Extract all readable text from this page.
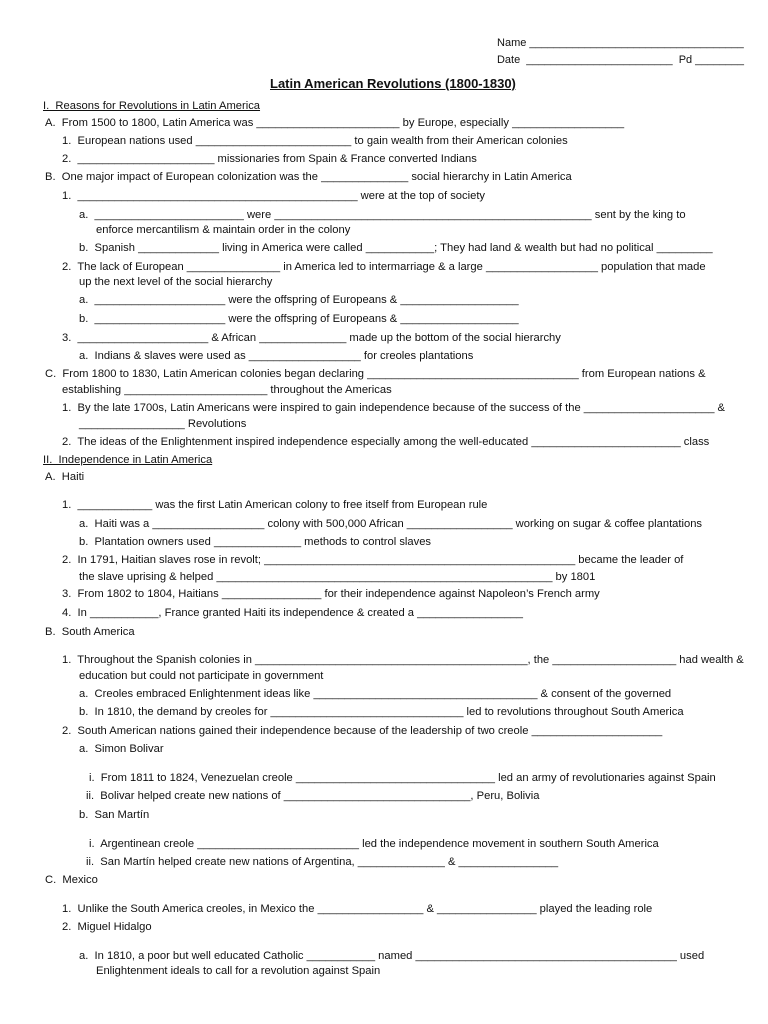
Name ___________________________________
Date  ________________________  Pd ________
Latin American Revolutions (1800-1830)
I.  Reasons for Revolutions in Latin America
A.  From 1500 to 1800, Latin America was _______________________ by Europe, especially __________________
1.  European nations used _________________________ to gain wealth from their American colonies
2.  ______________________ missionaries from Spain & France converted Indians
B.  One major impact of European colonization was the ______________ social hierarchy in Latin America
1.  _____________________________________________ were at the top of society
a.  ________________________ were ___________________________________________________ sent by the king to
enforce mercantilism & maintain order in the colony
b.  Spanish _____________ living in America were called ___________; They had land & wealth but had no political _________
2.  The lack of European _______________ in America led to intermarriage & a large __________________ population that made
up the next level of the social hierarchy
a.  _____________________ were the offspring of Europeans & ___________________
b.  _____________________ were the offspring of Europeans & ___________________
3.  _____________________ & African ______________ made up the bottom of the social hierarchy
a.  Indians & slaves were used as __________________ for creoles plantations
C.  From 1800 to 1830, Latin American colonies began declaring __________________________________ from European nations &
establishing _______________________ throughout the Americas
1.  By the late 1700s, Latin Americans were inspired to gain independence because of the success of the _____________________ &
_________________ Revolutions
2.  The ideas of the Enlightenment inspired independence especially among the well-educated ________________________ class
II.  Independence in Latin America
A.  Haiti
1.  ____________ was the first Latin American colony to free itself from European rule
a.  Haiti was a __________________ colony with 500,000 African _________________ working on sugar & coffee plantations
b.  Plantation owners used ______________ methods to control slaves
2.  In 1791, Haitian slaves rose in revolt; __________________________________________________ became the leader of
the slave uprising & helped ______________________________________________________ by 1801
3.  From 1802 to 1804, Haitians ________________ for their independence against Napoleon’s French army
4.  In ___________, France granted Haiti its independence & created a _________________
B.  South America
1.  Throughout the Spanish colonies in ____________________________________________, the ____________________ had wealth &
education but could not participate in government
a.  Creoles embraced Enlightenment ideas like ____________________________________ & consent of the governed
b.  In 1810, the demand by creoles for _______________________________ led to revolutions throughout South America
2.  South American nations gained their independence because of the leadership of two creole _____________________
a.  Simon Bolivar
i.  From 1811 to 1824, Venezuelan creole ________________________________ led an army of revolutionaries against Spain
ii.  Bolivar helped create new nations of ______________________________, Peru, Bolivia
b.  San Martín
i.  Argentinean creole __________________________ led the independence movement in southern South America
ii.  San Martín helped create new nations of Argentina, ______________ & ________________
C.  Mexico
1.  Unlike the South America creoles, in Mexico the _________________ & ________________ played the leading role
2.  Miguel Hidalgo
a.  In 1810, a poor but well educated Catholic ___________ named __________________________________________ used
Enlightenment ideals to call for a revolution against Spain
